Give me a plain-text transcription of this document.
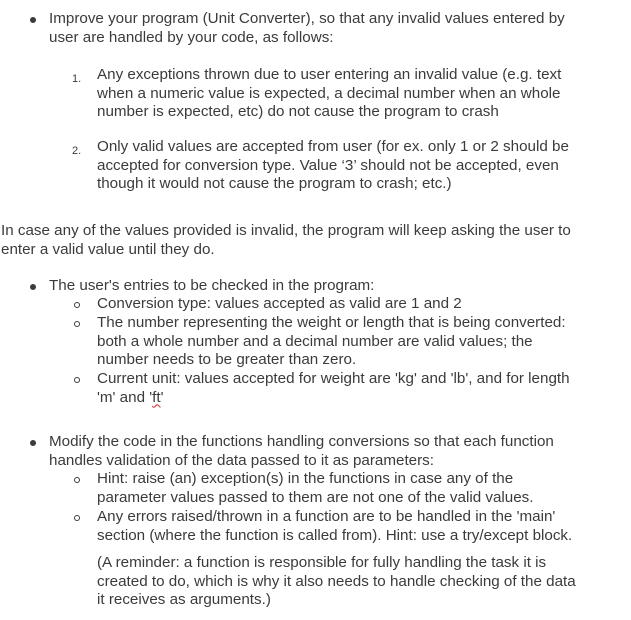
Improve your program (Unit Converter), so that any invalid values entered by
user are handled by your code, as follows:
1. Any exceptions thrown due to user entering an invalid value (e.g. text
when a numeric value is expected, a decimal number when an whole
number is expected, etc) do not cause the program to crash
2. Only valid values are accepted from user (for ex. only 1 or 2 should be
accepted for conversion type. Value ‘3’ should not be accepted, even
though it would not cause the program to crash; etc.)
In case any of the values provided is invalid, the program will keep asking the user to
enter a valid value until they do.
The user's entries to be checked in the program:
Conversion type: values accepted as valid are 1 and 2
The number representing the weight or length that is being converted:
both a whole number and a decimal number are valid values; the
number needs to be greater than zero.
Current unit: values accepted for weight are 'kg' and 'lb', and for length
'm' and 'ft'
Modify the code in the functions handling conversions so that each function
handles validation of the data passed to it as parameters:
Hint: raise (an) exception(s) in the functions in case any of the
parameter values passed to them are not one of the valid values.
Any errors raised/thrown in a function are to be handled in the 'main'
section (where the function is called from). Hint: use a try/except block.
(A reminder: a function is responsible for fully handling the task it is
created to do, which is why it also needs to handle checking of the data
it receives as arguments.)
